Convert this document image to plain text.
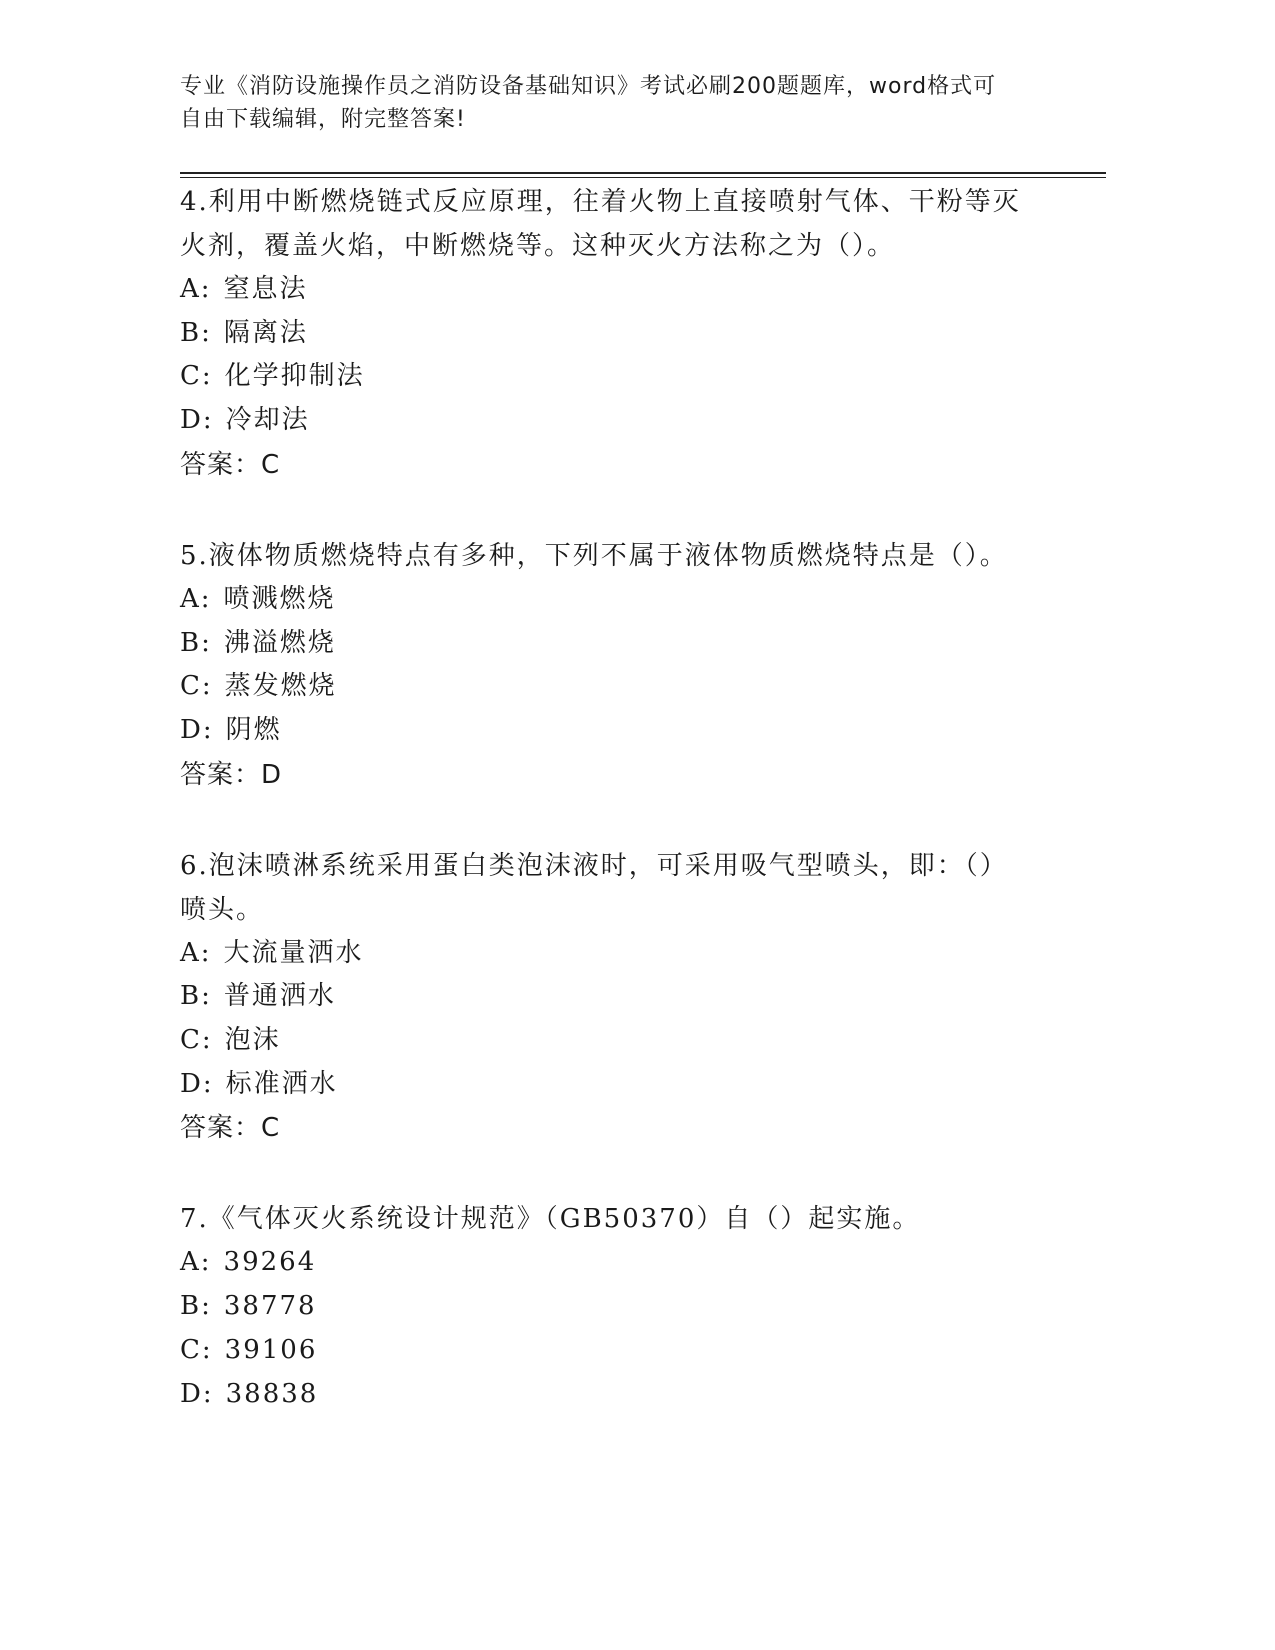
专业《消防设施操作员之消防设备基础知识》考试必刷200题题库，word格式可
自由下载编辑，附完整答案!
4.利用中断燃烧链式反应原理，往着火物上直接喷射气体、干粉等灭火剂，覆盖火焰，中断燃烧等。这种灭火方法称之为（）。
A: 窒息法
B: 隔离法
C: 化学抑制法
D: 冷却法
答案：C
5.液体物质燃烧特点有多种，下列不属于液体物质燃烧特点是（）。
A: 喷溅燃烧
B: 沸溢燃烧
C: 蒸发燃烧
D: 阴燃
答案：D
6.泡沫喷淋系统采用蛋白类泡沫液时，可采用吸气型喷头，即：（）喷头。
A: 大流量洒水
B: 普通洒水
C: 泡沫
D: 标准洒水
答案：C
7.《气体灭火系统设计规范》（GB50370）自（）起实施。
A: 39264
B: 38778
C: 39106
D: 38838
